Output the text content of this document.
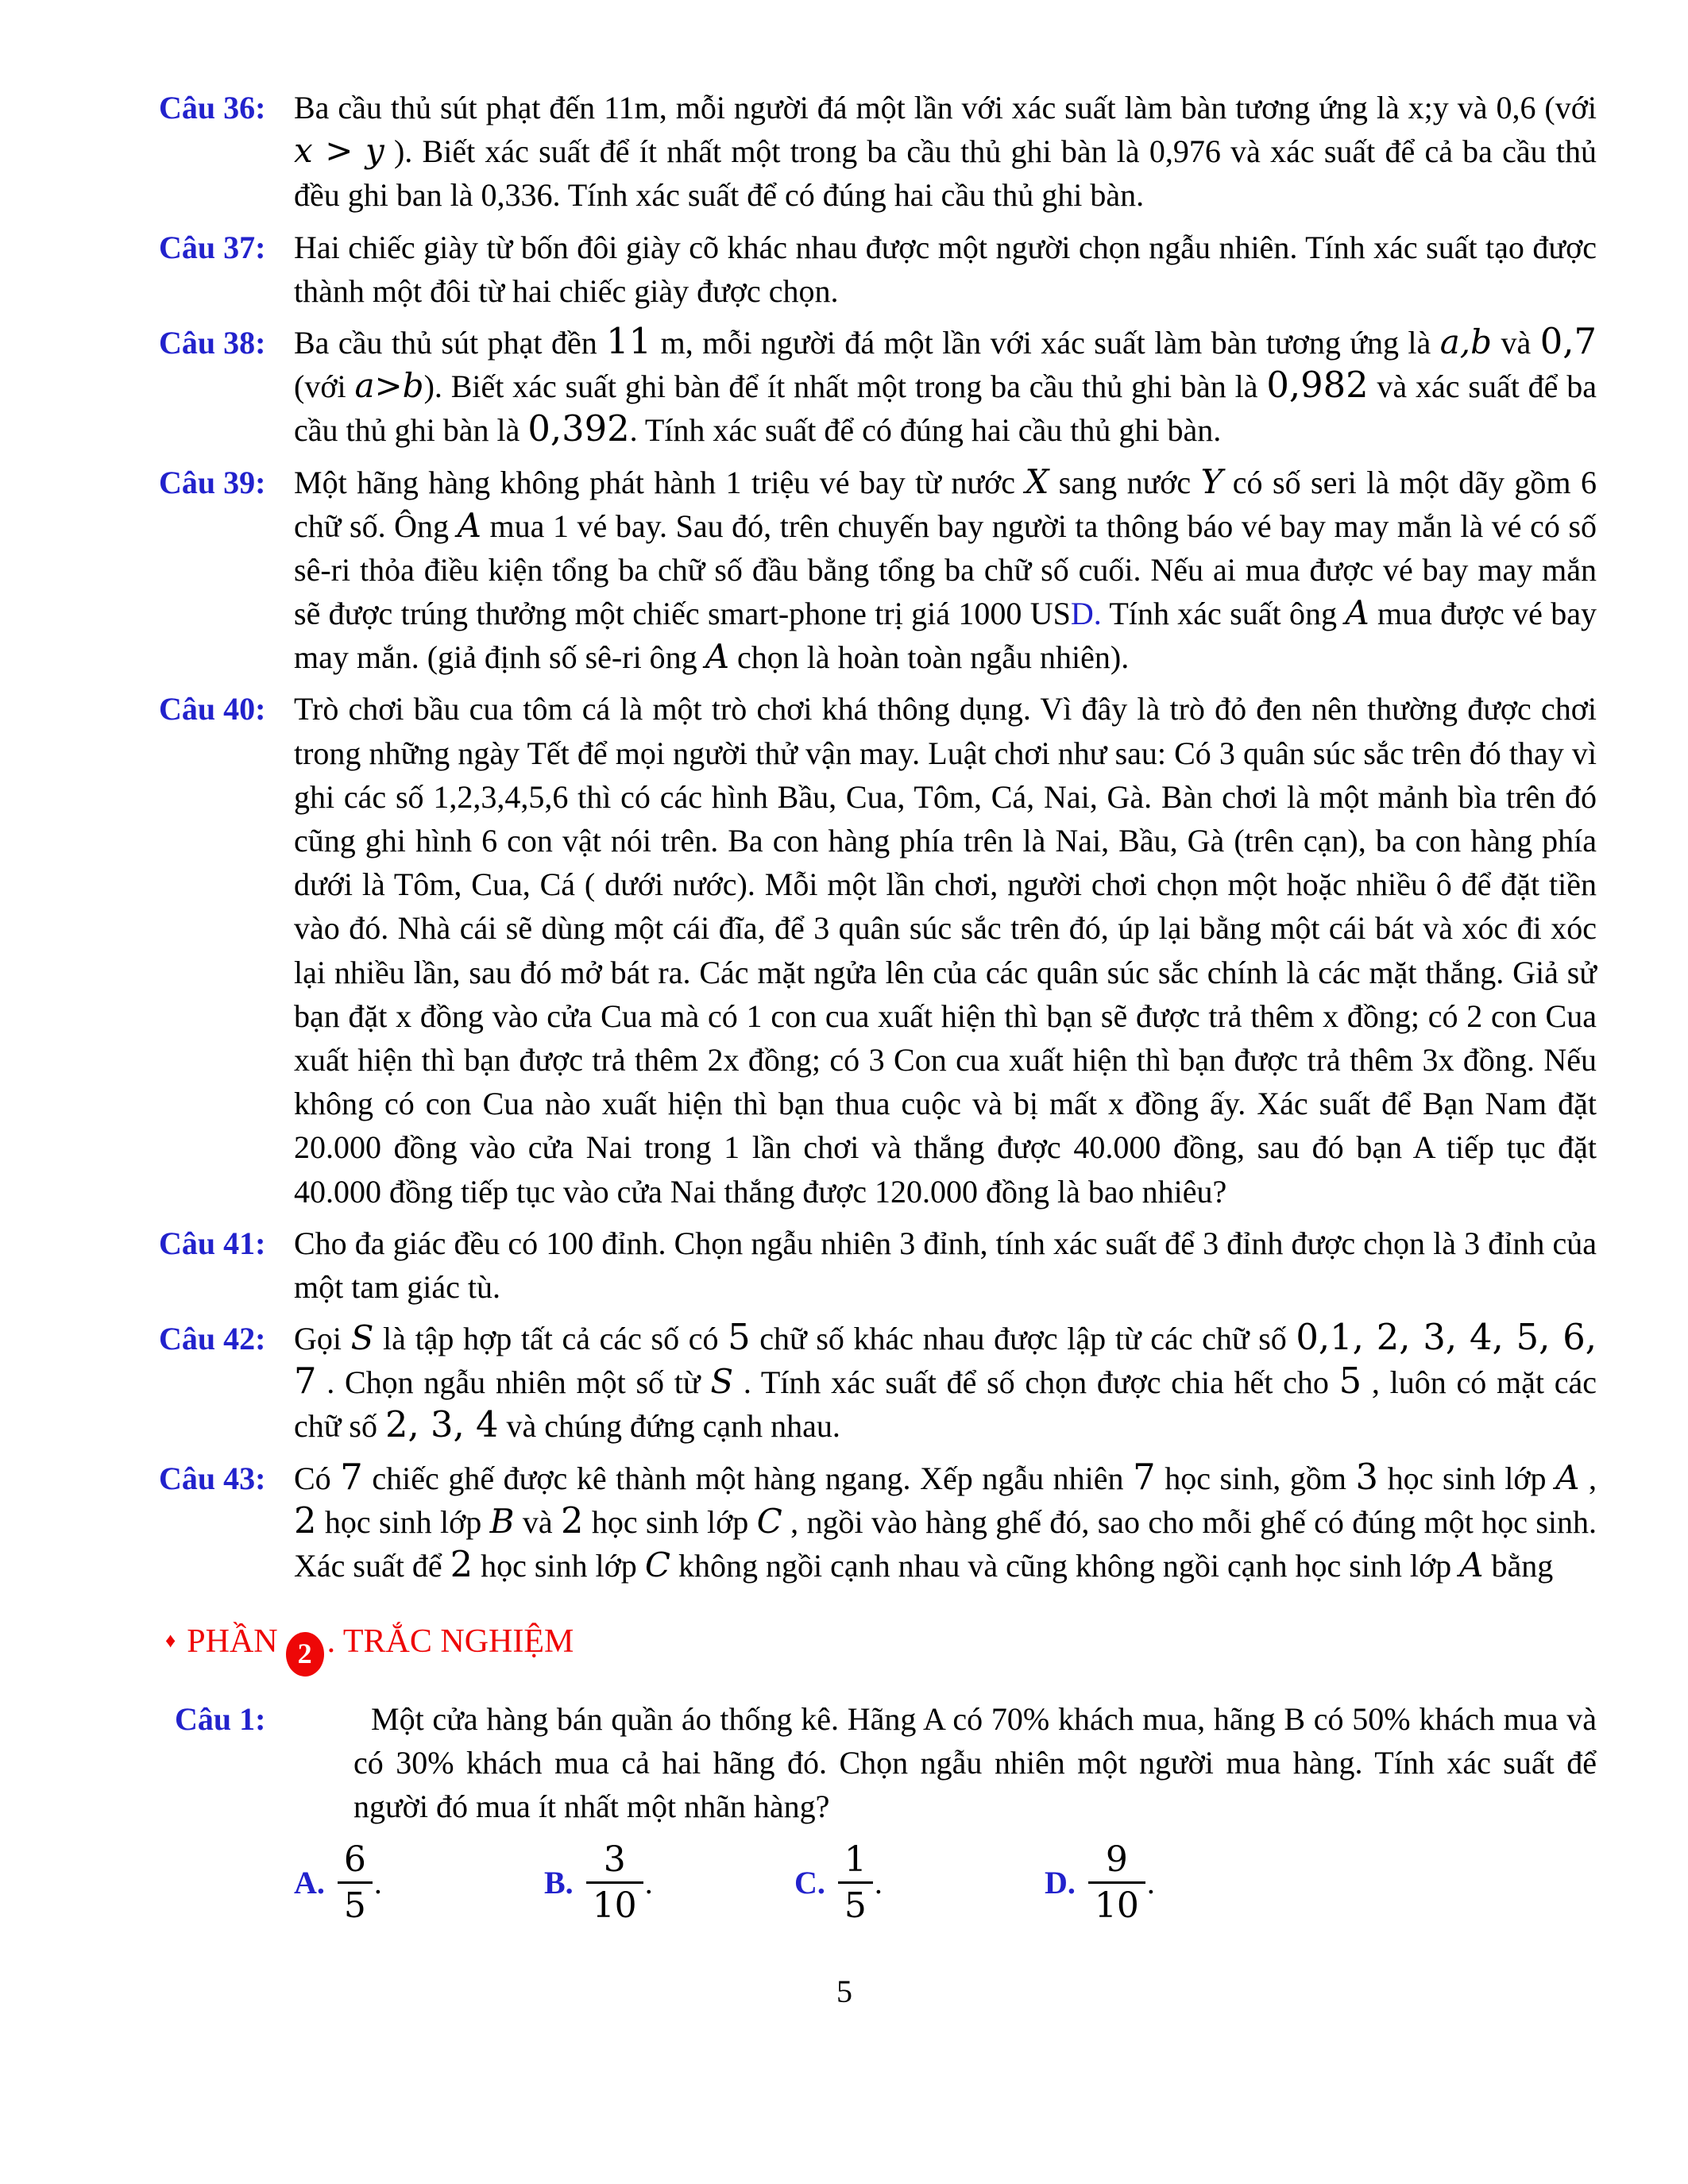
Câu 36: Ba cầu thủ sút phạt đến 11m, mỗi người đá một lần với xác suất làm bàn tương ứng là x;y và 0,6 (với x > y ). Biết xác suất để ít nhất một trong ba cầu thủ ghi bàn là 0,976 và xác suất để cả ba cầu thủ đều ghi ban là 0,336. Tính xác suất để có đúng hai cầu thủ ghi bàn.
Câu 37: Hai chiếc giày từ bốn đôi giày cõ khác nhau được một người chọn ngẫu nhiên. Tính xác suất tạo được thành một đôi từ hai chiếc giày được chọn.
Câu 38: Ba cầu thủ sút phạt đền 11 m, mỗi người đá một lần với xác suất làm bàn tương ứng là a,b và 0,7 (với a>b). Biết xác suất ghi bàn để ít nhất một trong ba cầu thủ ghi bàn là 0,982 và xác suất để ba cầu thủ ghi bàn là 0,392. Tính xác suất để có đúng hai cầu thủ ghi bàn.
Câu 39: Một hãng hàng không phát hành 1 triệu vé bay từ nước X sang nước Y có số seri là một dãy gồm 6 chữ số. Ông A mua 1 vé bay. Sau đó, trên chuyến bay người ta thông báo vé bay may mắn là vé có số sê-ri thỏa điều kiện tổng ba chữ số đầu bằng tổng ba chữ số cuối. Nếu ai mua được vé bay may mắn sẽ được trúng thưởng một chiếc smart-phone trị giá 1000 USD. Tính xác suất ông A mua được vé bay may mắn. (giả định số sê-ri ông A chọn là hoàn toàn ngẫu nhiên).
Câu 40: Trò chơi bầu cua tôm cá là một trò chơi khá thông dụng. Vì đây là trò đỏ đen nên thường được chơi trong những ngày Tết để mọi người thử vận may. Luật chơi như sau: Có 3 quân súc sắc trên đó thay vì ghi các số 1,2,3,4,5,6 thì có các hình Bầu, Cua, Tôm, Cá, Nai, Gà. Bàn chơi là một mảnh bìa trên đó cũng ghi hình 6 con vật nói trên. Ba con hàng phía trên là Nai, Bầu, Gà (trên cạn), ba con hàng phía dưới là Tôm, Cua, Cá ( dưới nước). Mỗi một lần chơi, người chơi chọn một hoặc nhiều ô để đặt tiền vào đó. Nhà cái sẽ dùng một cái đĩa, để 3 quân súc sắc trên đó, úp lại bằng một cái bát và xóc đi xóc lại nhiều lần, sau đó mở bát ra. Các mặt ngửa lên của các quân súc sắc chính là các mặt thắng. Giả sử bạn đặt x đồng vào cửa Cua mà có 1 con cua xuất hiện thì bạn sẽ được trả thêm x đồng; có 2 con Cua xuất hiện thì bạn được trả thêm 2x đồng; có 3 Con cua xuất hiện thì bạn được trả thêm 3x đồng. Nếu không có con Cua nào xuất hiện thì bạn thua cuộc và bị mất x đồng ấy. Xác suất để Bạn Nam đặt 20.000 đồng vào cửa Nai trong 1 lần chơi và thắng được 40.000 đồng, sau đó bạn A tiếp tục đặt 40.000 đồng tiếp tục vào cửa Nai thắng được 120.000 đồng là bao nhiêu?
Câu 41: Cho đa giác đều có 100 đỉnh. Chọn ngẫu nhiên 3 đỉnh, tính xác suất để 3 đỉnh được chọn là 3 đỉnh của một tam giác tù.
Câu 42: Gọi S là tập hợp tất cả các số có 5 chữ số khác nhau được lập từ các chữ số 0,1, 2, 3, 4, 5, 6, 7 . Chọn ngẫu nhiên một số từ S . Tính xác suất để số chọn được chia hết cho 5 , luôn có mặt các chữ số 2, 3, 4 và chúng đứng cạnh nhau.
Câu 43: Có 7 chiếc ghế được kê thành một hàng ngang. Xếp ngẫu nhiên 7 học sinh, gồm 3 học sinh lớp A , 2 học sinh lớp B và 2 học sinh lớp C , ngồi vào hàng ghế đó, sao cho mỗi ghế có đúng một học sinh. Xác suất để 2 học sinh lớp C không ngồi cạnh nhau và cũng không ngồi cạnh học sinh lớp A bằng
♦ PHẦN 2 . TRẮC NGHIỆM
Câu 1:	Một cửa hàng bán quần áo thống kê. Hãng A có 70% khách mua, hãng B có 50% khách mua và có 30% khách mua cả hai hãng đó. Chọn ngẫu nhiên một người mua hàng. Tính xác suất để người đó mua ít nhất một nhãn hàng?
A. $\frac{6}{5}$ .	B. $\frac{3}{10}$ .	C. $\frac{1}{5}$ .	D. $\frac{9}{10}$ .
5
